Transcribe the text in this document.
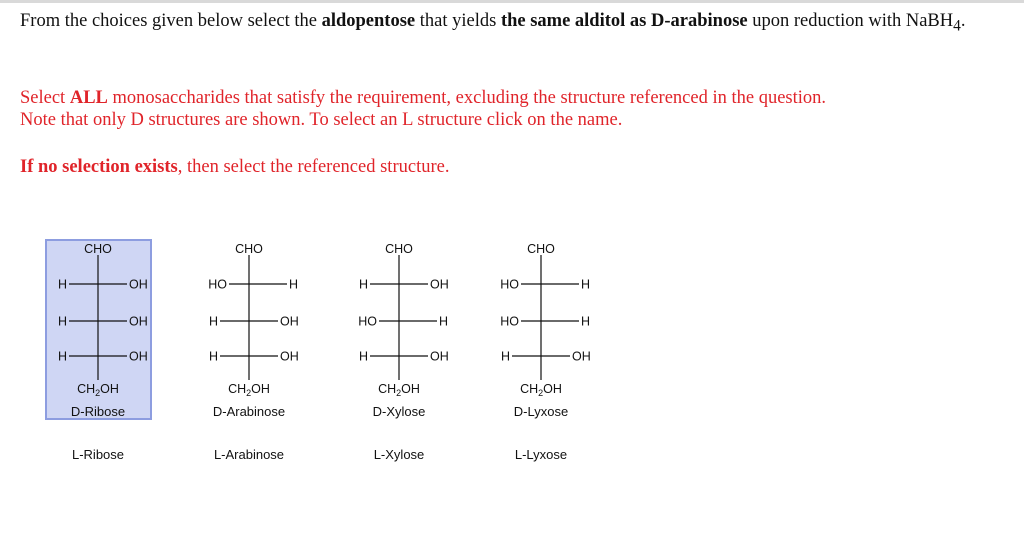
From the choices given below select the aldopentose that yields the same alditol as D-arabinose upon reduction with NaBH$_4$.
Select ALL monosaccharides that satisfy the requirement, excluding the structure referenced in the question.
Note that only D structures are shown. To select an L structure click on the name.
If no selection exists, then select the referenced structure.
CHO
H	OH
H	OH
H	OH
$CH_2OH$
D-Ribose
L-Ribose
CHO
HO	H
H	OH
H	OH
$CH_2OH$
D-Arabinose
L-Arabinose
CHO
H	OH
HO	H
H	OH
$CH_2OH$
D-Xylose
L-Xylose
CHO
HO	H
HO	H
H	OH
$CH_2OH$
D-Lyxose
L-Lyxose
